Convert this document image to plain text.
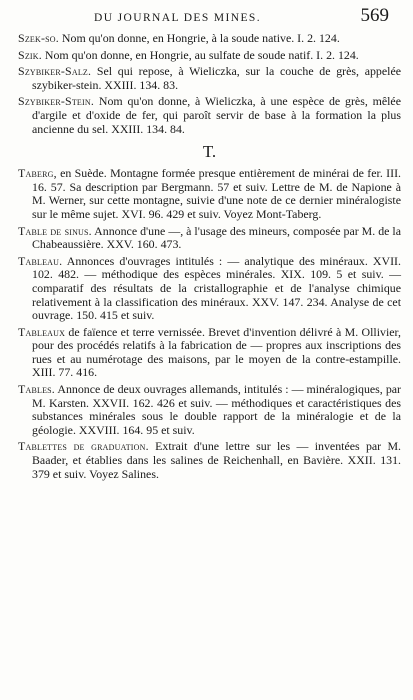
DU JOURNAL DES MINES.	569

Szek-so. Nom qu'on donne, en Hongrie, à la soude native. I. 2. 124.

Szik. Nom qu'on donne, en Hongrie, au sulfate de soude natif. I. 2. 124.

Szybiker-Salz. Sel qui repose, à Wieliczka, sur la couche de grès, appelée szybiker-stein. XXIII. 134. 83.

Szybiker-Stein. Nom qu'on donne, à Wieliczka, à une espèce de grès, mêlée d'argile et d'oxide de fer, qui paroît servir de base à la formation la plus ancienne du sel. XXIII. 134. 84.

T.

Taberg, en Suède. Montagne formée presque entièrement de minérai de fer. III. 16. 57. Sa description par Bergmann. 57 et suiv. Lettre de M. de Napione à M. Werner, sur cette montagne, suivie d'une note de ce dernier minéralogiste sur le même sujet. XVI. 96. 429 et suiv. Voyez Mont-Taberg.

Table de sinus. Annonce d'une —, à l'usage des mineurs, composée par M. de la Chabeaussière. XXV. 160. 473.

Tableau. Annonces d'ouvrages intitulés : — analytique des minéraux. XVII. 102. 482. — méthodique des espèces minérales. XIX. 109. 5 et suiv. — comparatif des résultats de la cristallographie et de l'analyse chimique relativement à la classification des minéraux. XXV. 147. 234. Analyse de cet ouvrage. 150. 415 et suiv.

Tableaux de faïence et terre vernissée. Brevet d'invention délivré à M. Ollivier, pour des procédés relatifs à la fabrication de — propres aux inscriptions des rues et au numérotage des maisons, par le moyen de la contre-estampille. XIII. 77. 416.

Tables. Annonce de deux ouvrages allemands, intitulés : — minéralogiques, par M. Karsten. XXVII. 162. 426 et suiv. — méthodiques et caractéristiques des substances minérales sous le double rapport de la minéralogie et de la géologie. XXVIII. 164. 95 et suiv.

Tablettes de graduation. Extrait d'une lettre sur les — inventées par M. Baader, et établies dans les salines de Reichenhall, en Bavière. XXII. 131. 379 et suiv. Voyez Salines.
